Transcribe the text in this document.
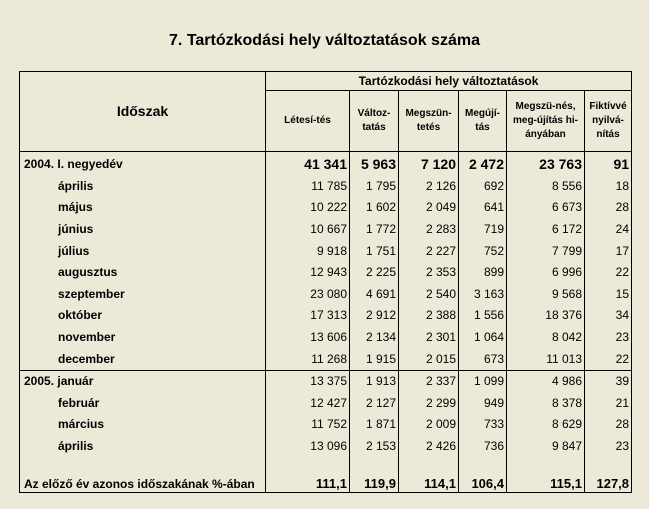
7. Tartózkodási hely változtatások száma
Időszak	Tartózkodási hely változtatások					
	Létesí-tés	Változ-tatás	Megszün-tetés	Megújí-tás	Megszü-nés, meg-újítás hi-ányában	Fiktívvé nyilvá-nítás
2004. I. negyedév	41 341	5 963	7 120	2 472	23 763	91
április	11 785	1 795	2 126	692	8 556	18
május	10 222	1 602	2 049	641	6 673	28
június	10 667	1 772	2 283	719	6 172	24
július	9 918	1 751	2 227	752	7 799	17
augusztus	12 943	2 225	2 353	899	6 996	22
szeptember	23 080	4 691	2 540	3 163	9 568	15
október	17 313	2 912	2 388	1 556	18 376	34
november	13 606	2 134	2 301	1 064	8 042	23
december	11 268	1 915	2 015	673	11 013	22
2005. január	13 375	1 913	2 337	1 099	4 986	39
február	12 427	2 127	2 299	949	8 378	21
március	11 752	1 871	2 009	733	8 629	28
április	13 096	2 153	2 426	736	9 847	23
Az előző év azonos időszakának %-ában	111,1	119,9	114,1	106,4	115,1	127,8
